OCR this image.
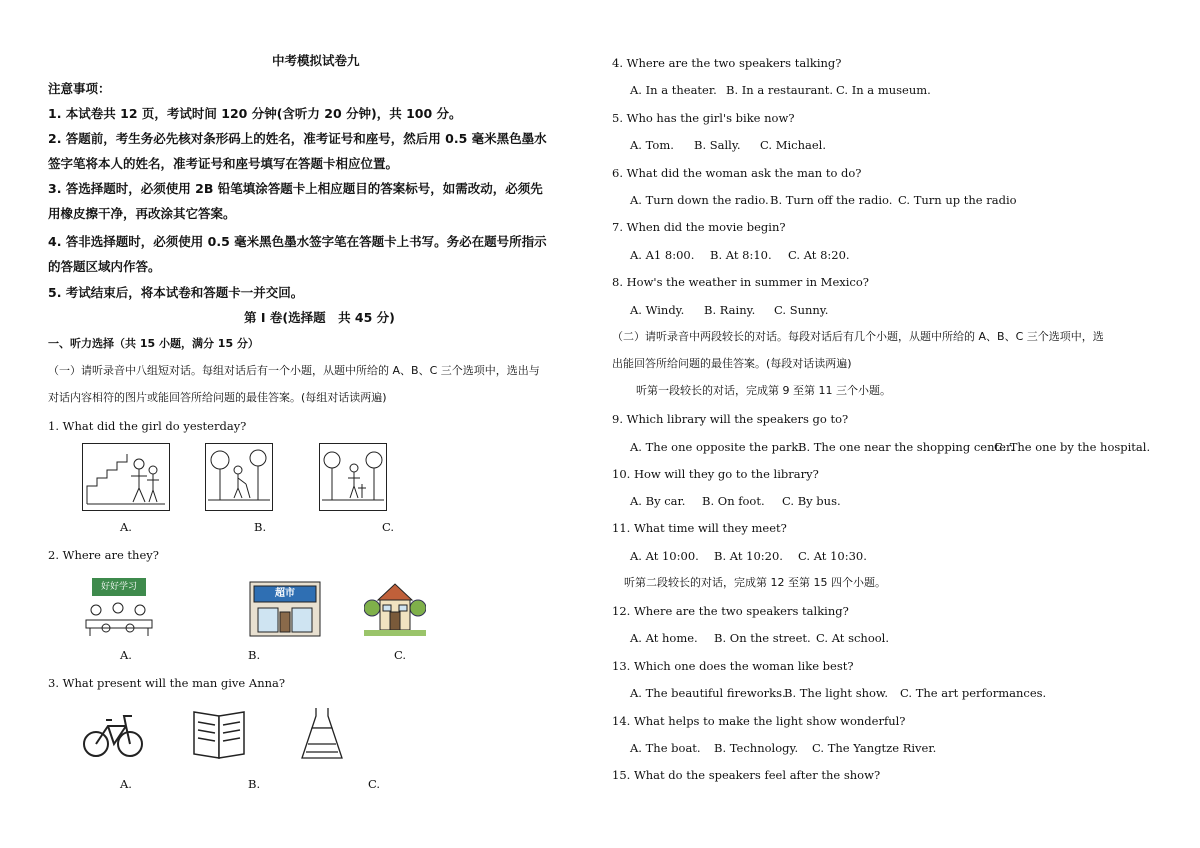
中考模拟试卷九
注意事项：
1. 本试卷共 12 页，考试时间 120 分钟(含听力 20 分钟)，共 100 分。
2. 答题前，考生务必先核对条形码上的姓名，准考证号和座号，然后用 0.5 毫米黑色墨水
签字笔将本人的姓名，准考证号和座号填写在答题卡相应位置。
3. 答选择题时，必须使用 2B 铅笔填涂答题卡上相应题目的答案标号，如需改动，必须先
用橡皮擦干净，再改涂其它答案。
4. 答非选择题时，必须使用 0.5 毫米黑色墨水签字笔在答题卡上书写。务必在题号所指示
的答题区域内作答。
5. 考试结束后，将本试卷和答题卡一并交回。
第 I 卷(选择题　共 45 分)
一、听力选择（共 15 小题，满分 15 分）
（一）请听录音中八组短对话。每组对话后有一个小题，从题中所给的 A、B、C 三个选项中，选出与
对话内容相符的图片或能回答所给问题的最佳答案。(每组对话读两遍)
1. What did the girl do yesterday?
A.	B.	C.
2. Where are they?
好好学习
超市
A.	B.	C.
3. What present will the man give Anna?
A.	B.	C.
4. Where are the two speakers talking?
A. In a theater. B. In a restaurant. C. In a museum.
5. Who has the girl's bike now?
A. Tom. B. Sally. C. Michael.
6. What did the woman ask the man to do?
A. Turn down the radio. B. Turn off the radio. C. Turn up the radio
7. When did the movie begin?
A. A1 8:00. B. At 8:10. C. At 8:20.
8. How's the weather in summer in Mexico?
A. Windy. B. Rainy. C. Sunny.
（二）请听录音中两段较长的对话。每段对话后有几个小题，从题中所给的 A、B、C 三个选项中，选
出能回答所给问题的最佳答案。(每段对话读两遍)
听第一段较长的对话，完成第 9 至第 11 三个小题。
9. Which library will the speakers go to?
A. The one opposite the park.
B. The one near the shopping center.
C. The one by the hospital.
10. How will they go to the library?
A. By car. B. On foot. C. By bus.
11. What time will they meet?
A. At 10:00. B. At 10:20. C. At 10:30.
听第二段较长的对话，完成第 12 至第 15 四个小题。
12. Where are the two speakers talking?
A. At home. B. On the street. C. At school.
13. Which one does the woman like best?
A. The beautiful fireworks.
B. The light show. C. The art performances.
14. What helps to make the light show wonderful?
A. The boat. B. Technology. C. The Yangtze River.
15. What do the speakers feel after the show?
